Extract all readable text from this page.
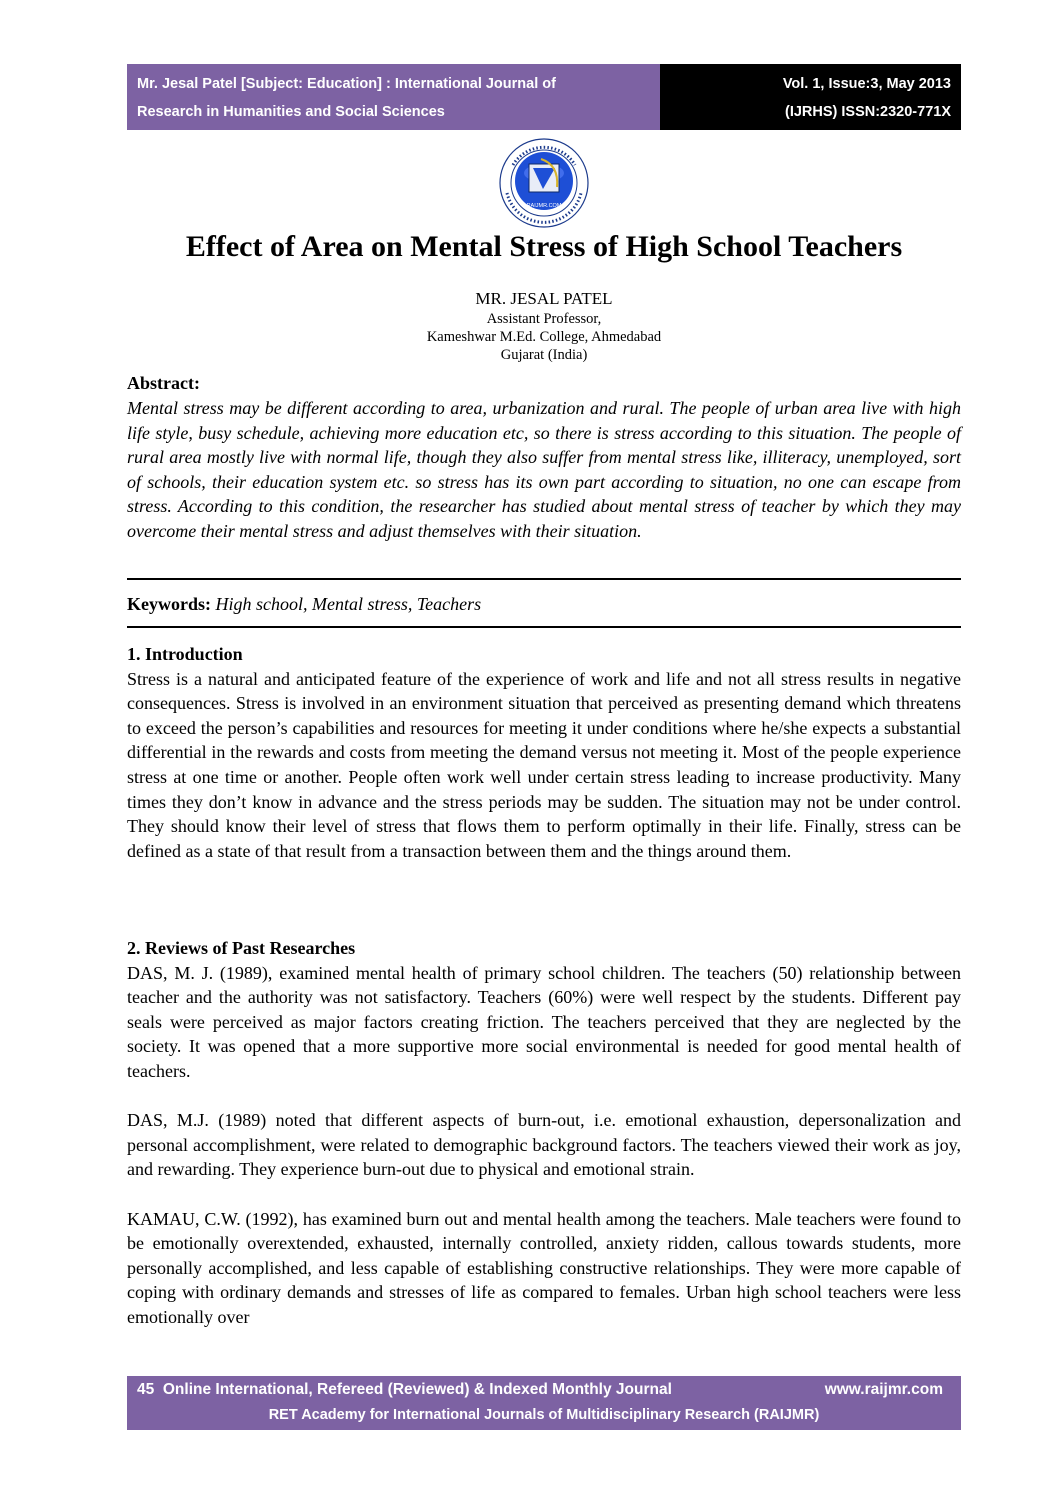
Mr. Jesal Patel [Subject: Education] : International Journal of
Research in Humanities and Social Sciences
Vol. 1, Issue:3, May 2013
(IJRHS) ISSN:2320-771X
RAIJMR.COM
Effect of Area on Mental Stress of High School Teachers
MR. JESAL PATEL
Assistant Professor,
Kameshwar M.Ed. College, Ahmedabad
Gujarat (India)
Abstract:

Mental stress may be different according to area, urbanization and rural. The people of urban area live with high life style, busy schedule, achieving more education etc, so there is stress according to this situation. The people of rural area mostly live with normal life, though they also suffer from mental stress like, illiteracy, unemployed, sort of schools, their education system etc. so stress has its own part according to situation, no one can escape from stress. According to this condition, the researcher has studied about mental stress of teacher by which they may overcome their mental stress and adjust themselves with their situation.

Keywords: High school, Mental stress, Teachers
1. Introduction

Stress is a natural and anticipated feature of the experience of work and life and not all stress results in negative consequences. Stress is involved in an environment situation that perceived as presenting demand which threatens to exceed the person’s capabilities and resources for meeting it under conditions where he/she expects a substantial differential in the rewards and costs from meeting the demand versus not meeting it. Most of the people experience stress at one time or another. People often work well under certain stress leading to increase productivity. Many times they don’t know in advance and the stress periods may be sudden. The situation may not be under control. They should know their level of stress that flows them to perform optimally in their life. Finally, stress can be defined as a state of that result from a transaction between them and the things around them.

2. Reviews of Past Researches

DAS, M. J. (1989), examined mental health of primary school children. The teachers (50) relationship between teacher and the authority was not satisfactory. Teachers (60%) were well respect by the students. Different pay seals were perceived as major factors creating friction. The teachers perceived that they are neglected by the society. It was opened that a more supportive more social environmental is needed for good mental health of teachers.

DAS, M.J. (1989) noted that different aspects of burn-out, i.e. emotional exhaustion, depersonalization and personal accomplishment, were related to demographic background factors. The teachers viewed their work as joy, and rewarding. They experience burn-out due to physical and emotional strain.

KAMAU, C.W. (1992), has examined burn out and mental health among the teachers. Male teachers were found to be emotionally overextended, exhausted, internally controlled, anxiety ridden, callous towards students, more personally accomplished, and less capable of establishing constructive relationships. They were more capable of coping with ordinary demands and stresses of life as compared to females. Urban high school teachers were less emotionally over

45 Online International, Refereed (Reviewed) & Indexed Monthly Journal	www.raijmr.com
RET Academy for International Journals of Multidisciplinary Research (RAIJMR)
